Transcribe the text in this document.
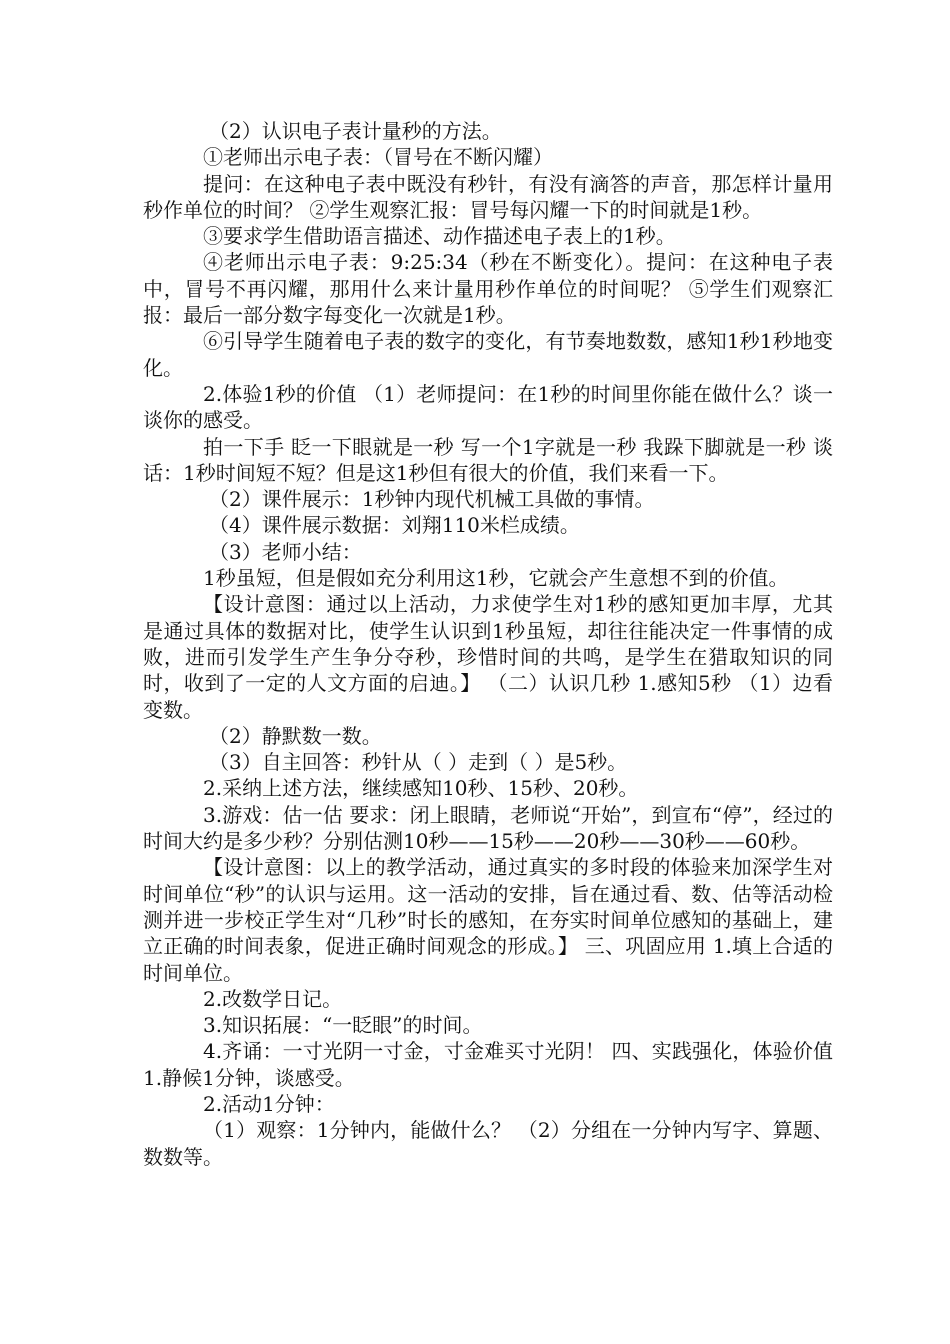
（2）认识电子表计量秒的方法。

①老师出示电子表：（冒号在不断闪耀）

提问：在这种电子表中既没有秒针，有没有滴答的声音，那怎样计量用秒作单位的时间？ ②学生观察汇报：冒号每闪耀一下的时间就是1秒。

③要求学生借助语言描述、动作描述电子表上的1秒。

④老师出示电子表：9:25:34（秒在不断变化）。提问：在这种电子表中，冒号不再闪耀，那用什么来计量用秒作单位的时间呢？ ⑤学生们观察汇报：最后一部分数字每变化一次就是1秒。

⑥引导学生随着电子表的数字的变化，有节奏地数数，感知1秒1秒地变化。

2.体验1秒的价值 （1）老师提问：在1秒的时间里你能在做什么？谈一谈你的感受。

拍一下手 眨一下眼就是一秒 写一个1字就是一秒 我跺下脚就是一秒 谈话：1秒时间短不短？但是这1秒但有很大的价值，我们来看一下。

（2）课件展示：1秒钟内现代机械工具做的事情。

（4）课件展示数据：刘翔110米栏成绩。

（3）老师小结：

1秒虽短，但是假如充分利用这1秒，它就会产生意想不到的价值。

【设计意图：通过以上活动，力求使学生对1秒的感知更加丰厚，尤其是通过具体的数据对比，使学生认识到1秒虽短，却往往能决定一件事情的成败，进而引发学生产生争分夺秒，珍惜时间的共鸣，是学生在猎取知识的同时，收到了一定的人文方面的启迪。】 （二）认识几秒 1.感知5秒 （1）边看变数。

（2）静默数一数。

（3）自主回答：秒针从（ ）走到（ ）是5秒。

2.采纳上述方法，继续感知10秒、15秒、20秒。

3.游戏：估一估 要求：闭上眼睛，老师说“开始”，到宣布“停”，经过的时间大约是多少秒？分别估测10秒——15秒——20秒——30秒——60秒。

【设计意图：以上的教学活动，通过真实的多时段的体验来加深学生对时间单位“秒”的认识与运用。这一活动的安排，旨在通过看、数、估等活动检测并进一步校正学生对“几秒”时长的感知，在夯实时间单位感知的基础上，建立正确的时间表象，促进正确时间观念的形成。】 三、巩固应用 1.填上合适的时间单位。

2.改数学日记。

3.知识拓展：“一眨眼”的时间。

4.齐诵：一寸光阴一寸金，寸金难买寸光阴！ 四、实践强化，体验价值 1.静候1分钟，谈感受。

2.活动1分钟：

（1）观察：1分钟内，能做什么？ （2）分组在一分钟内写字、算题、数数等。
